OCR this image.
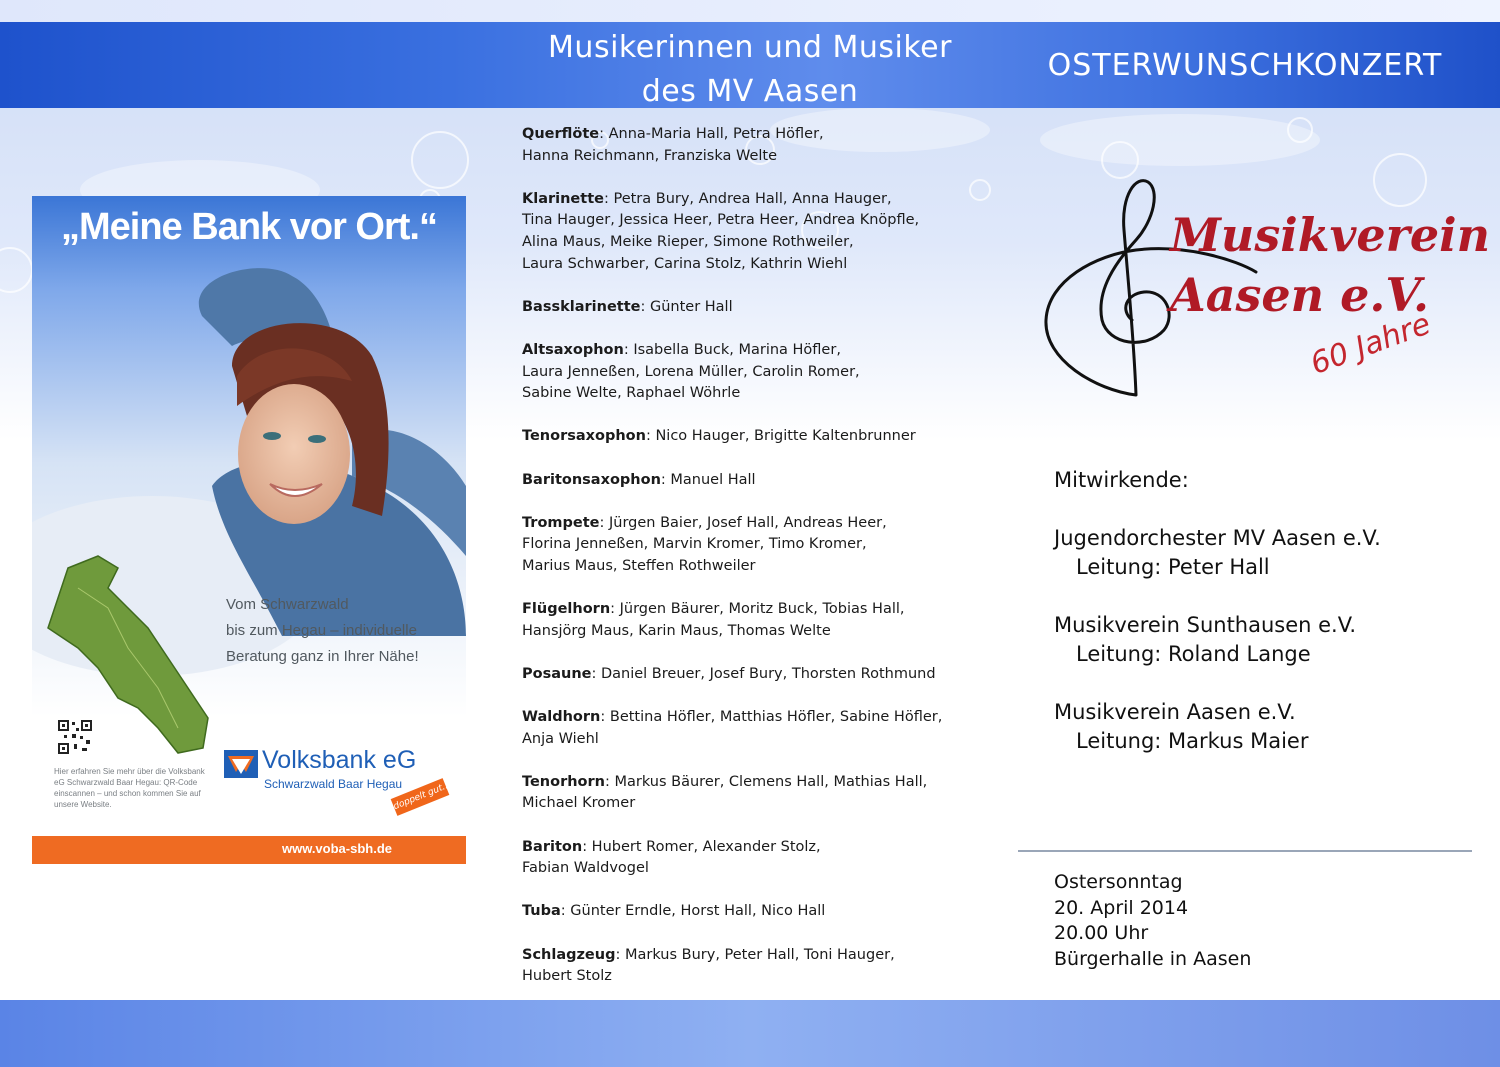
Musikerinnen und Musiker
des MV Aasen
OSTERWUNSCHKONZERT
„Meine Bank vor Ort.“
Vom Schwarzwald
bis zum Hegau – individuelle
Beratung ganz in Ihrer Nähe!
Hier erfahren Sie mehr über die Volksbank eG Schwarzwald Baar Hegau: QR-Code einscannen – und schon kommen Sie auf unsere Website.
Volksbank eG
Schwarzwald Baar Hegau
doppelt gut...
www.voba-sbh.de
Querflöte: Anna-Maria Hall, Petra Höfler,
Hanna Reichmann, Franziska Welte
Klarinette: Petra Bury, Andrea Hall, Anna Hauger,
Tina Hauger, Jessica Heer, Petra Heer, Andrea Knöpfle,
Alina Maus, Meike Rieper, Simone Rothweiler,
Laura Schwarber, Carina Stolz, Kathrin Wiehl
Bassklarinette: Günter Hall
Altsaxophon: Isabella Buck, Marina Höfler,
Laura Jenneßen, Lorena Müller, Carolin Romer,
Sabine Welte, Raphael Wöhrle
Tenorsaxophon: Nico Hauger, Brigitte Kaltenbrunner
Baritonsaxophon: Manuel Hall
Trompete: Jürgen Baier, Josef Hall, Andreas Heer,
Florina Jenneßen, Marvin Kromer, Timo Kromer,
Marius Maus, Steffen Rothweiler
Flügelhorn: Jürgen Bäurer, Moritz Buck, Tobias Hall,
Hansjörg Maus, Karin Maus, Thomas Welte
Posaune: Daniel Breuer, Josef Bury, Thorsten Rothmund
Waldhorn: Bettina Höfler, Matthias Höfler, Sabine Höfler,
Anja Wiehl
Tenorhorn: Markus Bäurer, Clemens Hall, Mathias Hall,
Michael Kromer
Bariton: Hubert Romer, Alexander Stolz,
Fabian Waldvogel
Tuba: Günter Erndle, Horst Hall, Nico Hall
Schlagzeug: Markus Bury, Peter Hall, Toni Hauger,
Hubert Stolz
Musikverein
Aasen e.V.
60 Jahre
Mitwirkende:
Jugendorchester MV Aasen e.V.
Leitung: Peter Hall
Musikverein Sunthausen e.V.
Leitung: Roland Lange
Musikverein Aasen e.V.
Leitung: Markus Maier
Ostersonntag
20. April 2014
20.00 Uhr
Bürgerhalle in Aasen
